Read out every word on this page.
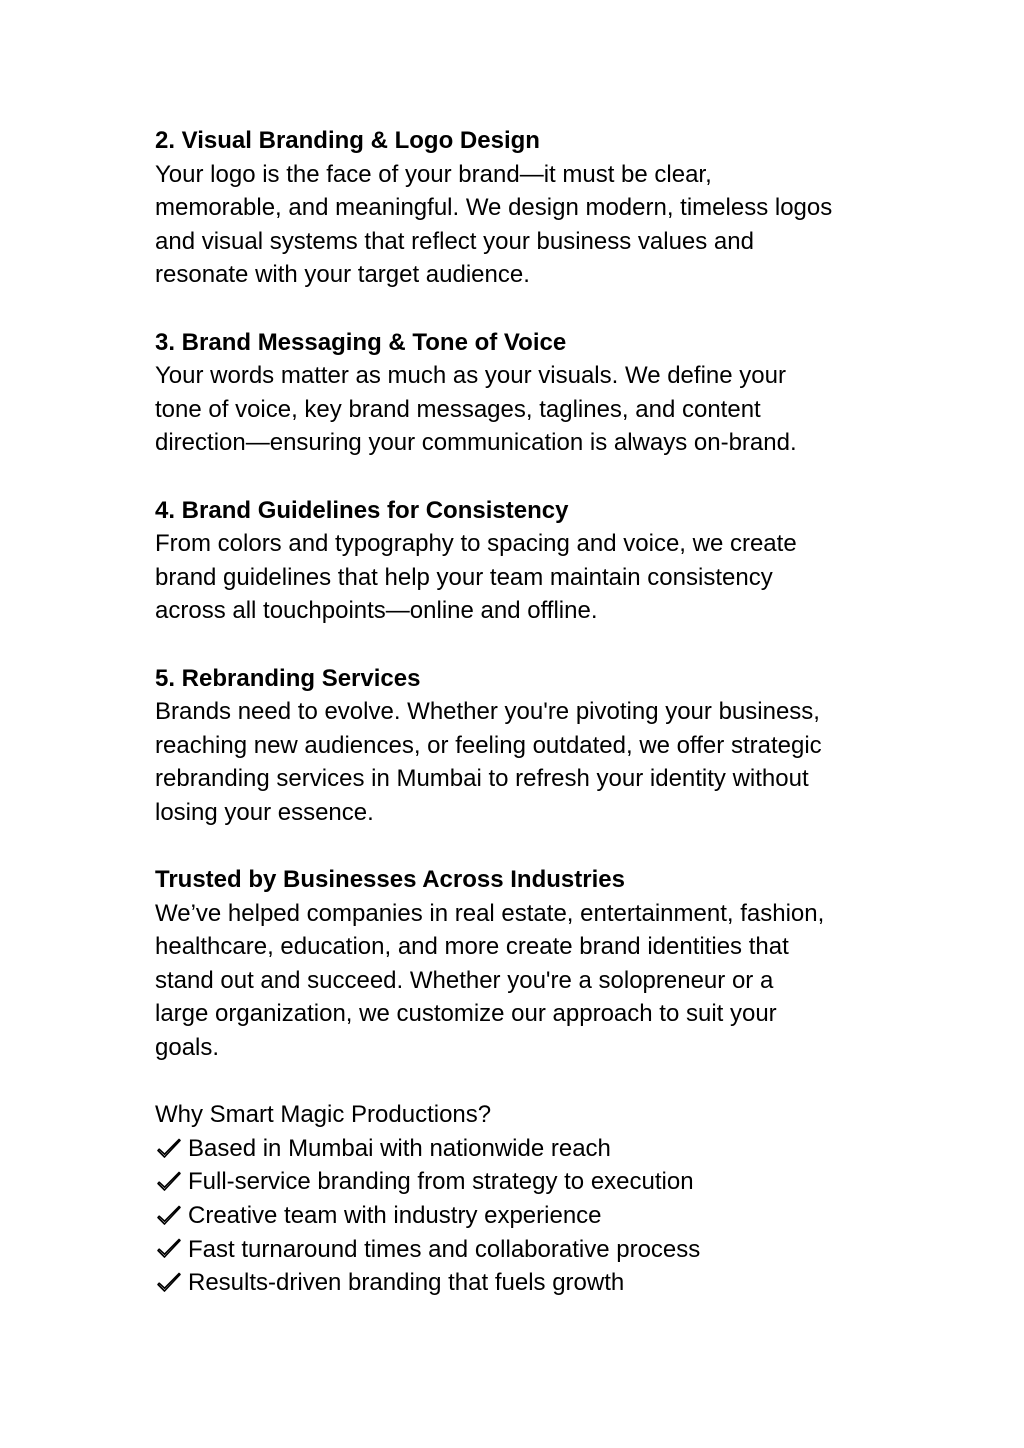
2. Visual Branding & Logo Design
Your logo is the face of your brand—it must be clear,
memorable, and meaningful. We design modern, timeless logos
and visual systems that reflect your business values and
resonate with your target audience.
3. Brand Messaging & Tone of Voice
Your words matter as much as your visuals. We define your
tone of voice, key brand messages, taglines, and content
direction—ensuring your communication is always on-brand.
4. Brand Guidelines for Consistency
From colors and typography to spacing and voice, we create
brand guidelines that help your team maintain consistency
across all touchpoints—online and offline.
5. Rebranding Services
Brands need to evolve. Whether you're pivoting your business,
reaching new audiences, or feeling outdated, we offer strategic
rebranding services in Mumbai to refresh your identity without
losing your essence.
Trusted by Businesses Across Industries
We’ve helped companies in real estate, entertainment, fashion,
healthcare, education, and more create brand identities that
stand out and succeed. Whether you're a solopreneur or a
large organization, we customize our approach to suit your
goals.
Why Smart Magic Productions?
Based in Mumbai with nationwide reach
Full-service branding from strategy to execution
Creative team with industry experience
Fast turnaround times and collaborative process
Results-driven branding that fuels growth
